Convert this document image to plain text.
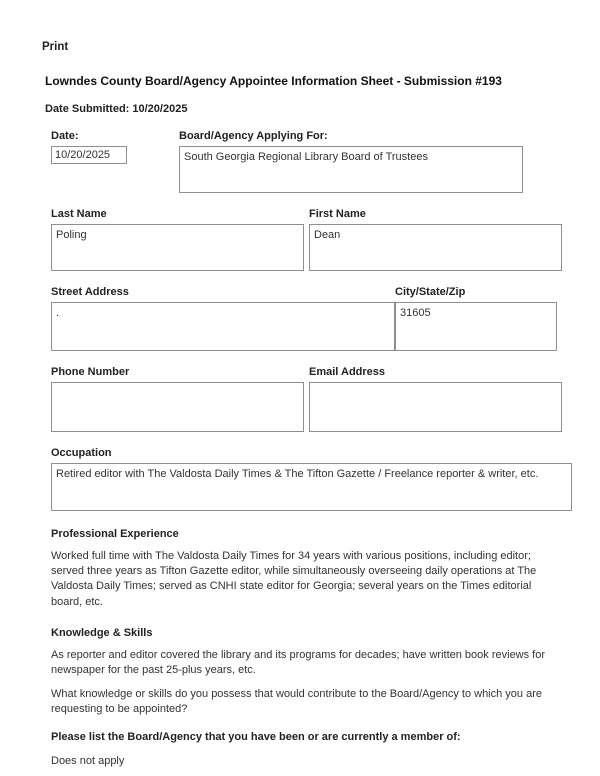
Print
Lowndes County Board/Agency Appointee Information Sheet - Submission #193
Date Submitted: 10/20/2025
Date:
10/20/2025	Board/Agency Applying For:
South Georgia Regional Library Board of Trustees
Last Name
Poling	First Name
Dean
Street Address
.	City/State/Zip
31605
Phone Number	Email Address
Occupation
Retired editor with The Valdosta Daily Times & The Tifton Gazette / Freelance reporter & writer, etc.
Professional Experience

Worked full time with The Valdosta Daily Times for 34 years with various positions, including editor; served three years as Tifton Gazette editor, while simultaneously overseeing daily operations at The Valdosta Daily Times; served as CNHI state editor for Georgia; several years on the Times editorial board, etc.

Knowledge & Skills

As reporter and editor covered the library and its programs for decades; have written book reviews for newspaper for the past 25-plus years, etc.

What knowledge or skills do you possess that would contribute to the Board/Agency to which you are requesting to be appointed?

Please list the Board/Agency that you have been or are currently a member of:
Does not apply
